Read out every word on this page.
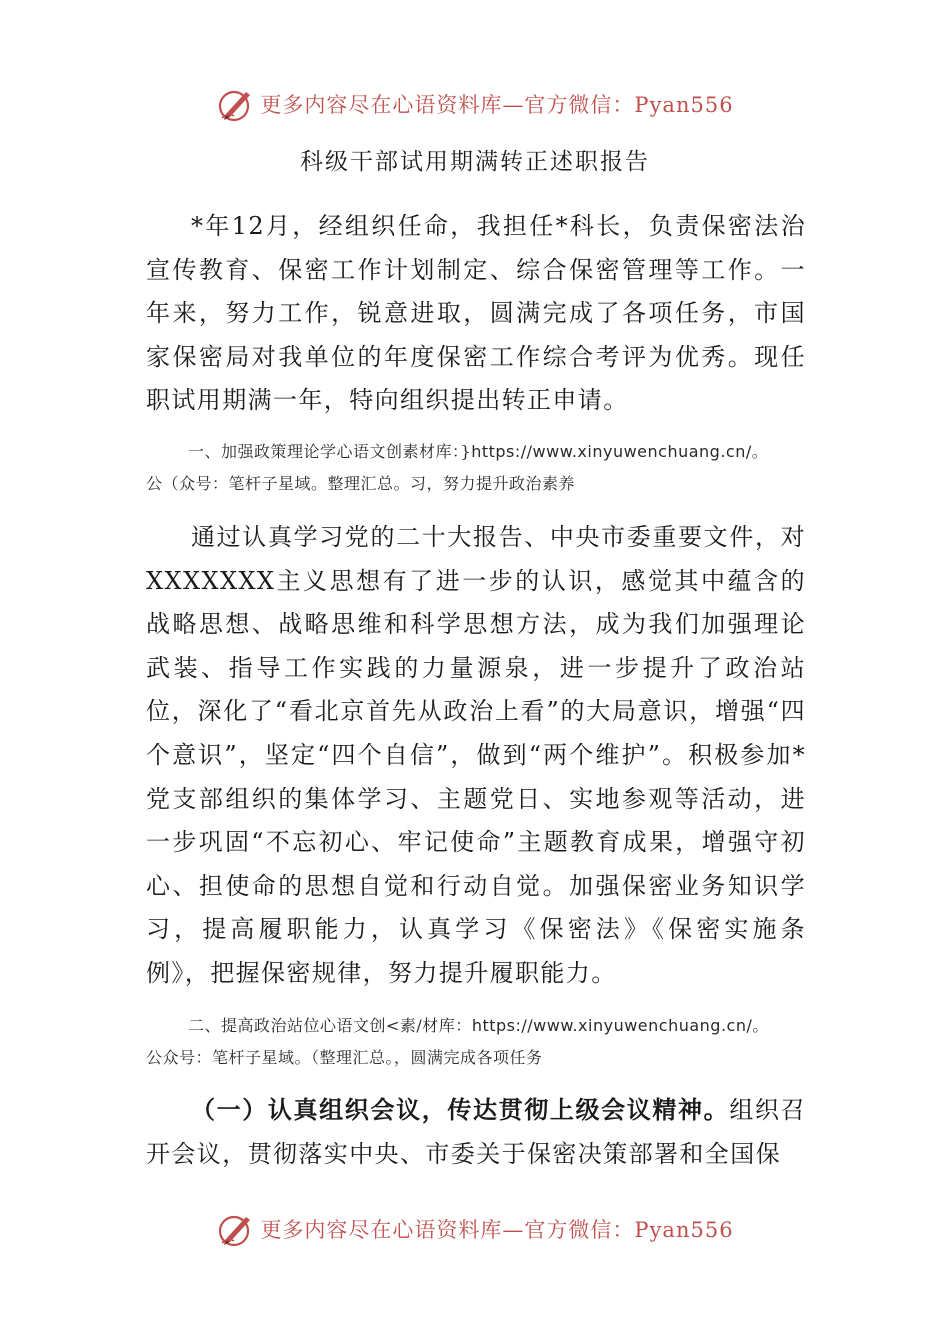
更多内容尽在心语资料库—官方微信：Pyan556
科级干部试用期满转正述职报告
*年12月，经组织任命，我担任*科长，负责保密法治宣传教育、保密工作计划制定、综合保密管理等工作。一年来，努力工作，锐意进取，圆满完成了各项任务，市国家保密局对我单位的年度保密工作综合考评为优秀。现任职试用期满一年，特向组织提出转正申请。
一、加强政策理论学心语文创素材库：}https://www.xinyuwenchuang.cn/。
公（众号：笔杆子星域。整理汇总。习，努力提升政治素养
通过认真学习党的二十大报告、中央市委重要文件，对XXXXXXX主义思想有了进一步的认识，感觉其中蕴含的战略思想、战略思维和科学思想方法，成为我们加强理论武装、指导工作实践的力量源泉，进一步提升了政治站位，深化了“看北京首先从政治上看”的大局意识，增强“四个意识”，坚定“四个自信”，做到“两个维护”。积极参加*党支部组织的集体学习、主题党日、实地参观等活动，进一步巩固“不忘初心、牢记使命”主题教育成果，增强守初心、担使命的思想自觉和行动自觉。加强保密业务知识学习，提高履职能力，认真学习《保密法》《保密实施条例》，把握保密规律，努力提升履职能力。
二、提高政治站位心语文创<素/材库：https://www.xinyuwenchuang.cn/。
公众号：笔杆子星域。（整理汇总。，圆满完成各项任务
（一）认真组织会议，传达贯彻上级会议精神。组织召开会议，贯彻落实中央、市委关于保密决策部署和全国保
更多内容尽在心语资料库—官方微信：Pyan556
